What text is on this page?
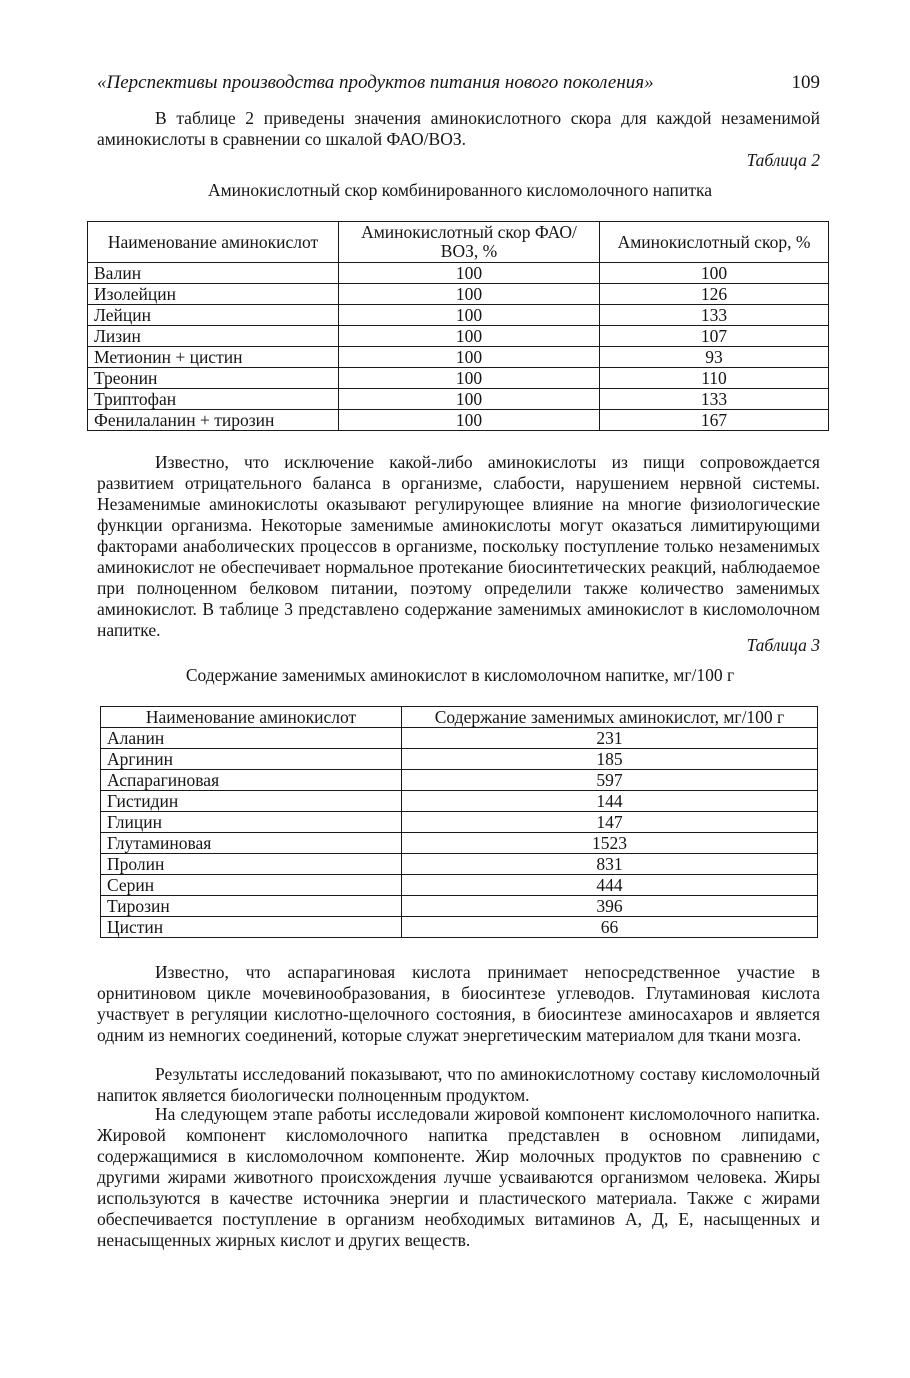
«Перспективы производства продуктов питания нового поколения»	109

В таблице 2 приведены значения аминокислотного скора для каждой незаменимой аминокислоты в сравнении со шкалой ФАО/ВОЗ.

Таблица 2
Аминокислотный скор комбинированного кисломолочного напитка
Наименование аминокислот	Аминокислотный скор ФАО/ВОЗ, %	Аминокислотный скор, %
Валин	100	100
Изолейцин	100	126
Лейцин	100	133
Лизин	100	107
Метионин + цистин	100	93
Треонин	100	110
Триптофан	100	133
Фенилаланин + тирозин	100	167

Известно, что исключение какой-либо аминокислоты из пищи сопровождается развитием отрицательного баланса в организме, слабости, нарушением нервной системы. Незаменимые аминокислоты оказывают регулирующее влияние на многие физиологические функции организма. Некоторые заменимые аминокислоты могут оказаться лимитирующими факторами анаболических процессов в организме, поскольку поступление только незаменимых аминокислот не обеспечивает нормальное протекание биосинтетических реакций, наблюдаемое при полноценном белковом питании, поэтому определили также количество заменимых аминокислот. В таблице 3 представлено содержание заменимых аминокислот в кисломолочном напитке.

Таблица 3
Содержание заменимых аминокислот в кисломолочном напитке, мг/100 г
Наименование аминокислот	Содержание заменимых аминокислот, мг/100 г
Аланин	231
Аргинин	185
Аспарагиновая	597
Гистидин	144
Глицин	147
Глутаминовая	1523
Пролин	831
Серин	444
Тирозин	396
Цистин	66

Известно, что аспарагиновая кислота принимает непосредственное участие в орнитиновом цикле мочевинообразования, в биосинтезе углеводов. Глутаминовая кислота участвует в регуляции кислотно-щелочного состояния, в биосинтезе аминосахаров и является одним из немногих соединений, которые служат энергетическим материалом для ткани мозга.

Результаты исследований показывают, что по аминокислотному составу кисломолочный напиток является биологически полноценным продуктом.

На следующем этапе работы исследовали жировой компонент кисломолочного напитка. Жировой компонент кисломолочного напитка представлен в основном липидами, содержащимися в кисломолочном компоненте. Жир молочных продуктов по сравнению с другими жирами животного происхождения лучше усваиваются организмом человека. Жиры используются в качестве источника энергии и пластического материала. Также с жирами обеспечивается поступление в организм необходимых витаминов А, Д, Е, насыщенных и ненасыщенных жирных кислот и других веществ.
